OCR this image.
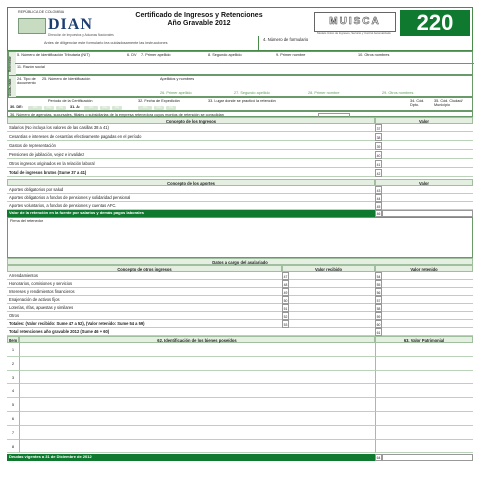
REPÚBLICA DE COLOMBIA
DIAN
Dirección de Impuestos y Aduanas Nacionales
Certificado de Ingresos y Retenciones
Año Gravable 2012	MUISCA
Modelo Único de Ingresos, Servicio y Control Automatizado	220
Antes de diligenciar este formulario lea cuidadosamente las instrucciones
4. Número de formulario
Retenedor
5. Número de Identificación Tributaria (NIT)	6. DV 7. Primer apellido	8. Segundo apellido	9. Primer nombre	10. Otros nombres
11. Razón social
Asala-riado	24. Tipo de documento
25. Número de Identificación	Apellidos y nombres
26. Primer apellido	27. Segundo apellido	28. Primer nombre	29. Otros nombres
30. DE:
Período de la Certificación
Año	Mes	Día	31. A:	Año	Mes	Día
32. Fecha de Expedición
Año	Mes	Día
33. Lugar donde se practicó la retención	34. Cód. Dpto.
35. Cód. Ciudad/ Municipio
36. Número de agencias, sucursales, filiales o subsidiarias de la empresa retenedora cuyos montos de retención se consolidan
Concepto de los Ingresos	Valor
Concepto de los aportes	Valor
Valor de la retención en la fuente por salarios y demás pagos laborales	46
Firma del retenedor
Datos a cargo del asalariado
Concepto de otros ingresos	Valor recibido	Valor retenido
Item	62. Identificación de los bienes poseídos	63. Valor Patrimonial
Deudas vigentes a 31 de Diciembre de 2012	64
Salarios (No incluya los valores de las casillas 38 a 41)	37
Cesantías e intereses de cesantías efectivamente pagadas en el período	38
Gastos de representación	39
Pensiones de jubilación, vejez e invalidez	40
Otros ingresos originados en la relación laboral	41
Total de ingresos brutos (Sume 37 a 41)	42
Aportes obligatorios por salud	43
Aportes obligatorios a fondos de pensiones y solidaridad pensional	44
Aportes voluntarios, a fondos de pensiones y cuentas AFC.	45
Arrendamientos	47	54
Honorarios, comisiones y servicios	48	55
Intereses y rendimientos financieros	49	56
Enajenación de activos fijos	50	57
Loterías, rifas, apuestas y similares	51	58
Otros	52	59
Totales: (Valor recibido: Sume 47 a 52), (Valor retenido: Sume 54 a 59)	53	60
Total retenciones año gravable 2012 (Sume 46 + 60)	61
1
2
3
4
5
6
7
8
